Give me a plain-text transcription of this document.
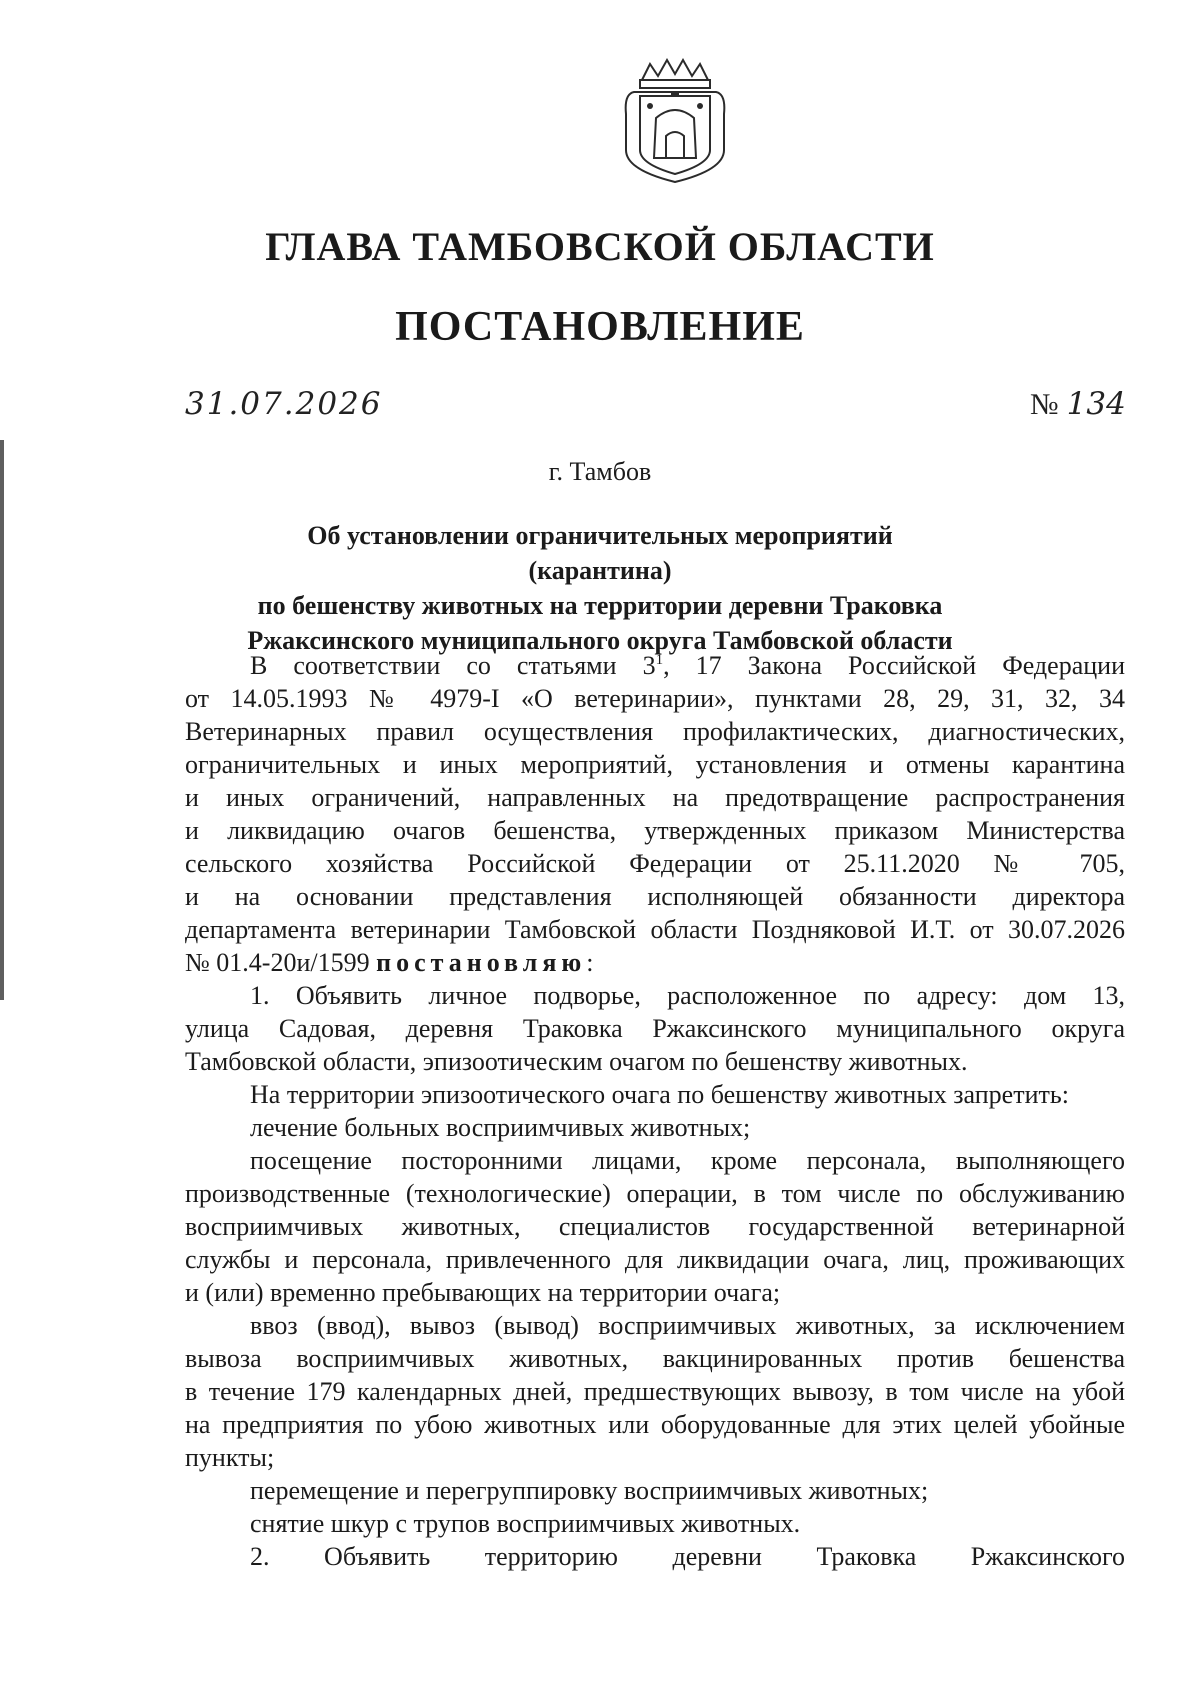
ГЛАВА ТАМБОВСКОЙ ОБЛАСТИ
ПОСТАНОВЛЕНИЕ
31.07.2026	№ 134
г. Тамбов
Об установлении ограничительных мероприятий (карантина)
по бешенству животных на территории деревни Траковка
Ржаксинского муниципального округа Тамбовской области

В соответствии со статьями $3^1$, 17 Закона Российской Федерации

от 14.05.1993 № 4979-I «О ветеринарии», пунктами 28, 29, 31, 32, 34

Ветеринарных правил осуществления профилактических, диагностических,

ограничительных и иных мероприятий, установления и отмены карантина

и иных ограничений, направленных на предотвращение распространения

и ликвидацию очагов бешенства, утвержденных приказом Министерства

сельского хозяйства Российской Федерации от 25.11.2020 № 705,

и на основании представления исполняющей обязанности директора

департамента ветеринарии Тамбовской области Поздняковой И.Т. от 30.07.2026

№ 01.4-20и/1599 постановляю:

1. Объявить личное подворье, расположенное по адресу: дом 13,

улица Садовая, деревня Траковка Ржаксинского муниципального округа

Тамбовской области, эпизоотическим очагом по бешенству животных.

На территории эпизоотического очага по бешенству животных запретить:

лечение больных восприимчивых животных;

посещение посторонними лицами, кроме персонала, выполняющего

производственные (технологические) операции, в том числе по обслуживанию

восприимчивых животных, специалистов государственной ветеринарной

службы и персонала, привлеченного для ликвидации очага, лиц, проживающих

и (или) временно пребывающих на территории очага;

ввоз (ввод), вывоз (вывод) восприимчивых животных, за исключением

вывоза восприимчивых животных, вакцинированных против бешенства

в течение 179 календарных дней, предшествующих вывозу, в том числе на убой

на предприятия по убою животных или оборудованные для этих целей убойные

пункты;

перемещение и перегруппировку восприимчивых животных;

снятие шкур с трупов восприимчивых животных.

2. Объявить территорию деревни Траковка Ржаксинского
